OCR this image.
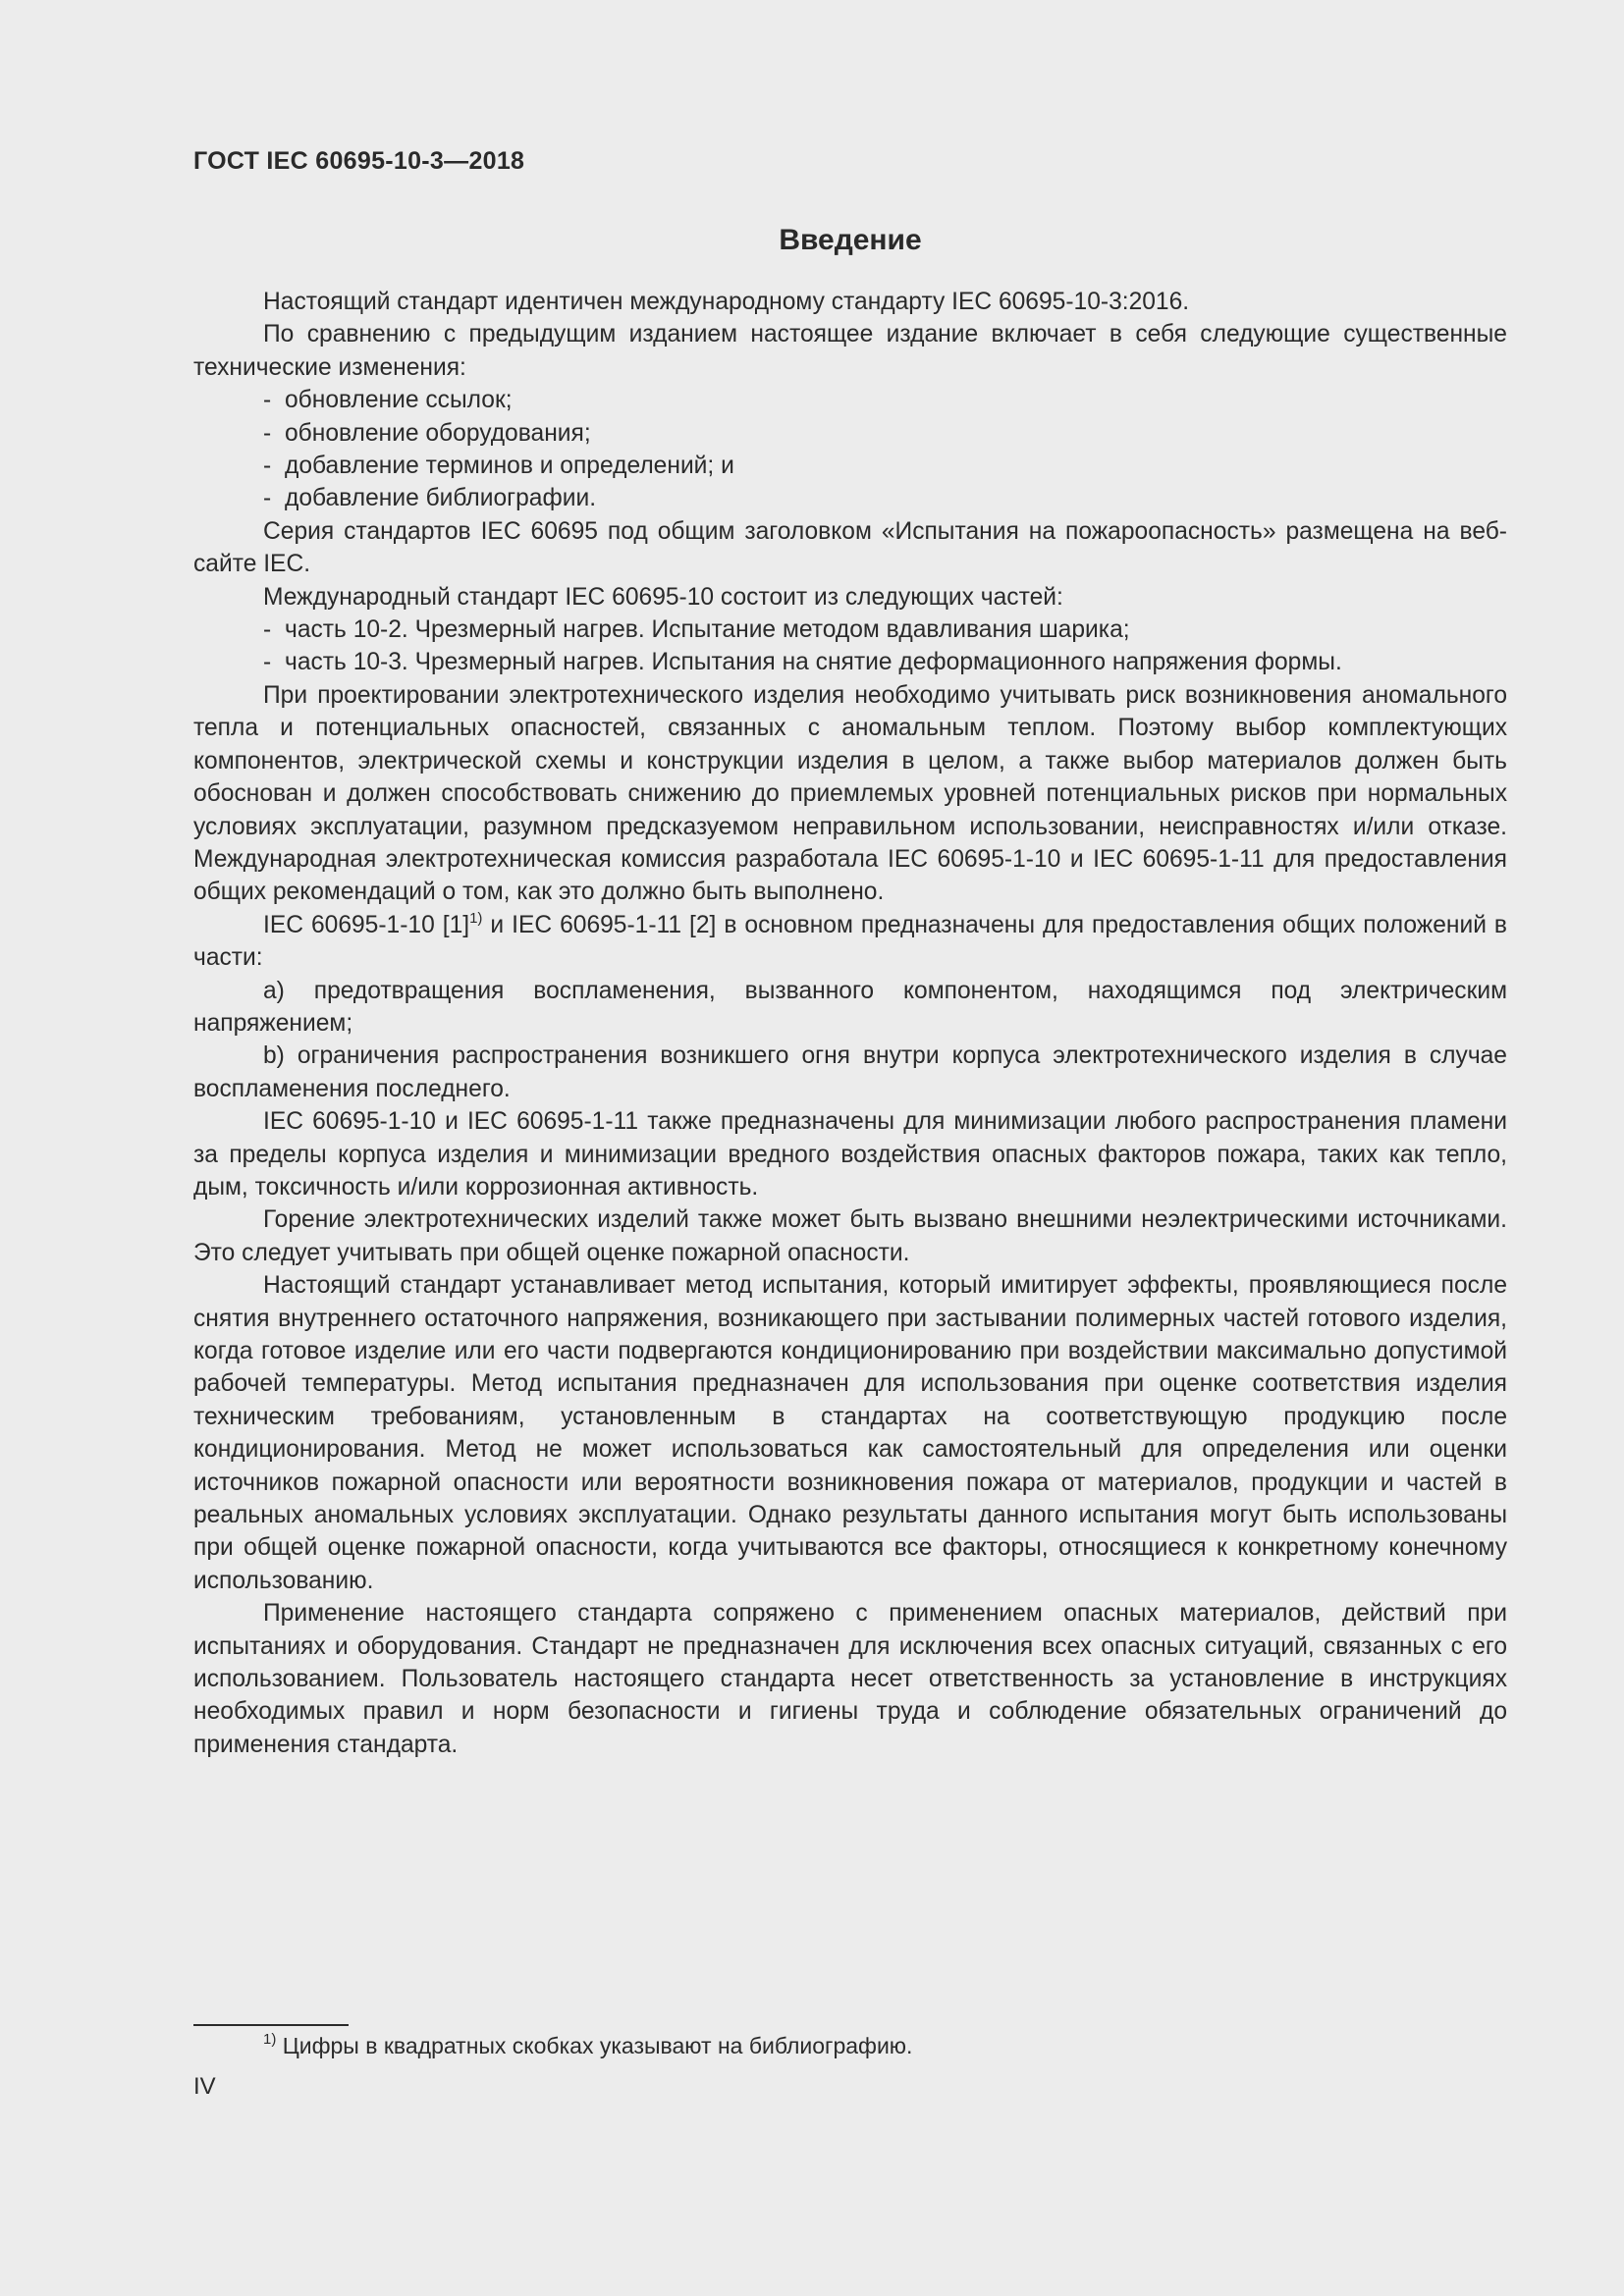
ГОСТ IEC 60695-10-3—2018
Введение

Настоящий стандарт идентичен международному стандарту IEC 60695-10-3:2016.

По сравнению с предыдущим изданием настоящее издание включает в себя следующие существенные технические изменения:

- обновление ссылок;

- обновление оборудования;

- добавление терминов и определений; и

- добавление библиографии.

Серия стандартов IEC 60695 под общим заголовком «Испытания на пожароопасность» размещена на веб-сайте IEC.

Международный стандарт IEC 60695-10 состоит из следующих частей:

- часть 10-2. Чрезмерный нагрев. Испытание методом вдавливания шарика;

- часть 10-3. Чрезмерный нагрев. Испытания на снятие деформационного напряжения формы.

При проектировании электротехнического изделия необходимо учитывать риск возникновения аномального тепла и потенциальных опасностей, связанных с аномальным теплом. Поэтому выбор комплектующих компонентов, электрической схемы и конструкции изделия в целом, а также выбор материалов должен быть обоснован и должен способствовать снижению до приемлемых уровней потенциальных рисков при нормальных условиях эксплуатации, разумном предсказуемом неправильном использовании, неисправностях и/или отказе. Международная электротехническая комиссия разработала IEC 60695-1-10 и IEC 60695-1-11 для предоставления общих рекомендаций о том, как это должно быть выполнено.

IEC 60695-1-10 $[1]^{1)}$ и IEC 60695-1-11 [2] в основном предназначены для предоставления общих положений в части:

a) предотвращения воспламенения, вызванного компонентом, находящимся под электрическим напряжением;

b) ограничения распространения возникшего огня внутри корпуса электротехнического изделия в случае воспламенения последнего.

IEC 60695-1-10 и IEC 60695-1-11 также предназначены для минимизации любого распространения пламени за пределы корпуса изделия и минимизации вредного воздействия опасных факторов пожара, таких как тепло, дым, токсичность и/или коррозионная активность.

Горение электротехнических изделий также может быть вызвано внешними неэлектрическими источниками. Это следует учитывать при общей оценке пожарной опасности.

Настоящий стандарт устанавливает метод испытания, который имитирует эффекты, проявляющиеся после снятия внутреннего остаточного напряжения, возникающего при застывании полимерных частей готового изделия, когда готовое изделие или его части подвергаются кондиционированию при воздействии максимально допустимой рабочей температуры. Метод испытания предназначен для использования при оценке соответствия изделия техническим требованиям, установленным в стандартах на соответствующую продукцию после кондиционирования. Метод не может использоваться как самостоятельный для определения или оценки источников пожарной опасности или вероятности возникновения пожара от материалов, продукции и частей в реальных аномальных условиях эксплуатации. Однако результаты данного испытания могут быть использованы при общей оценке пожарной опасности, когда учитываются все факторы, относящиеся к конкретному конечному использованию.

Применение настоящего стандарта сопряжено с применением опасных материалов, действий при испытаниях и оборудования. Стандарт не предназначен для исключения всех опасных ситуаций, связанных с его использованием. Пользователь настоящего стандарта несет ответственность за установление в инструкциях необходимых правил и норм безопасности и гигиены труда и соблюдение обязательных ограничений до применения стандарта.

$^{1)}$ Цифры в квадратных скобках указывают на библиографию.
IV
